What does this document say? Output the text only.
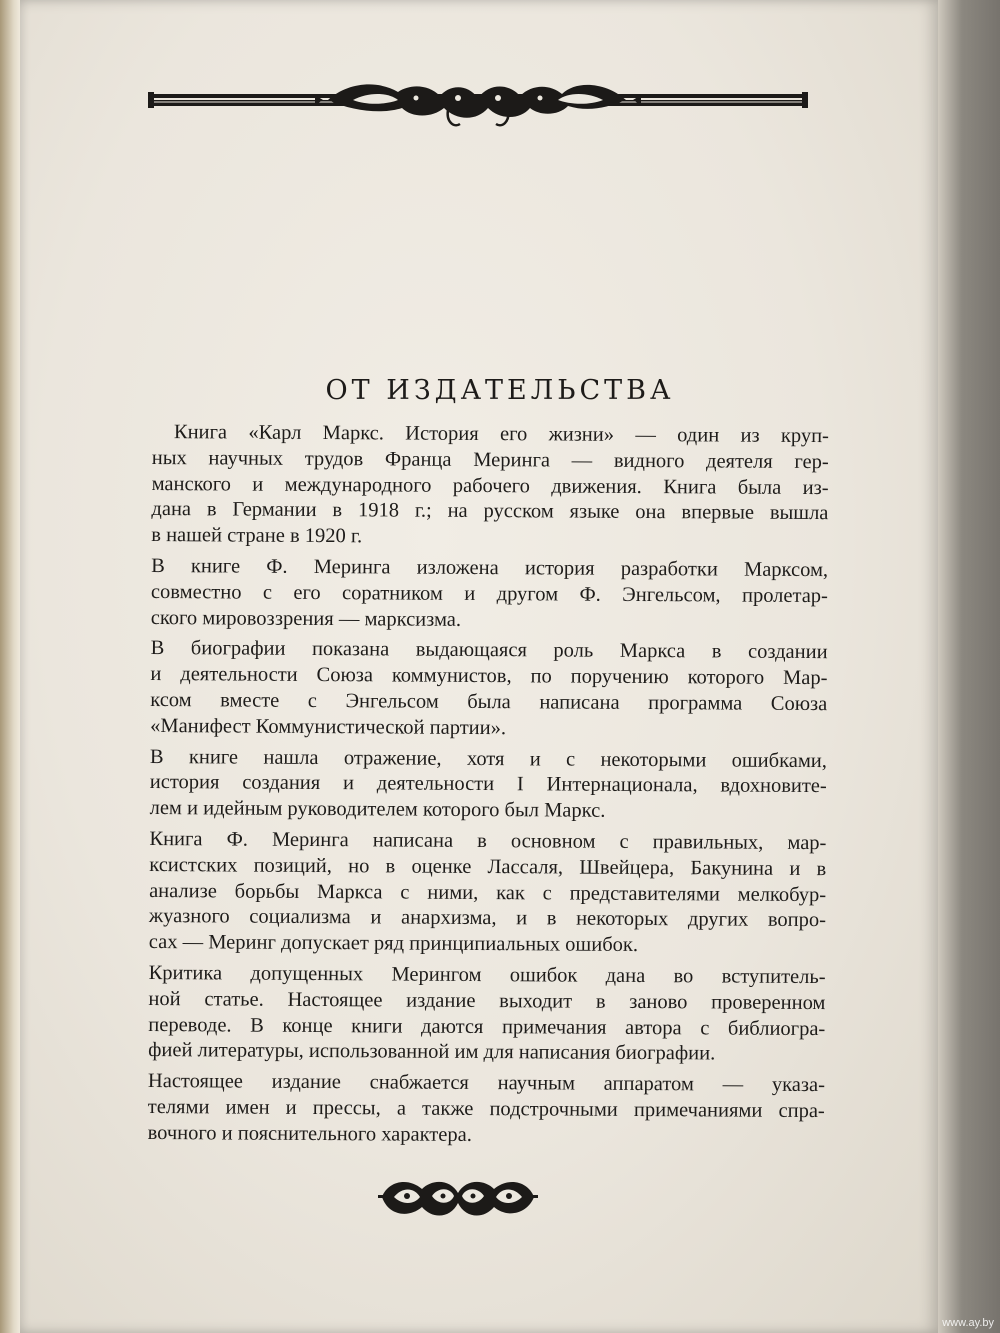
ОТ ИЗДАТЕЛЬСТВА
Книга «Карл Маркс. История его жизни» — один из круп-
ных научных трудов Франца Меринга — видного деятеля гер-
манского и международного рабочего движения. Книга была из-
дана в Германии в 1918 г.; на русском языке она впервые вышла
в нашей стране в 1920 г.
В книге Ф. Меринга изложена история разработки Марксом,
совместно с его соратником и другом Ф. Энгельсом, пролетар-
ского мировоззрения — марксизма.
В биографии показана выдающаяся роль Маркса в создании
и деятельности Союза коммунистов, по поручению которого Мар-
ксом вместе с Энгельсом была написана программа Союза
«Манифест Коммунистической партии».
В книге нашла отражение, хотя и с некоторыми ошибками,
история создания и деятельности I Интернационала, вдохновите-
лем и идейным руководителем которого был Маркс.
Книга Ф. Меринга написана в основном с правильных, мар-
ксистских позиций, но в оценке Лассаля, Швейцера, Бакунина и в
анализе борьбы Маркса с ними, как с представителями мелкобур-
жуазного социализма и анархизма, и в некоторых других вопро-
сах — Меринг допускает ряд принципиальных ошибок.
Критика допущенных Мерингом ошибок дана во вступитель-
ной статье. Настоящее издание выходит в заново проверенном
переводе. В конце книги даются примечания автора с библиогра-
фией литературы, использованной им для написания биографии.
Настоящее издание снабжается научным аппаратом — указа-
телями имен и прессы, а также подстрочными примечаниями спра-
вочного и пояснительного характера.
www.ay.by
